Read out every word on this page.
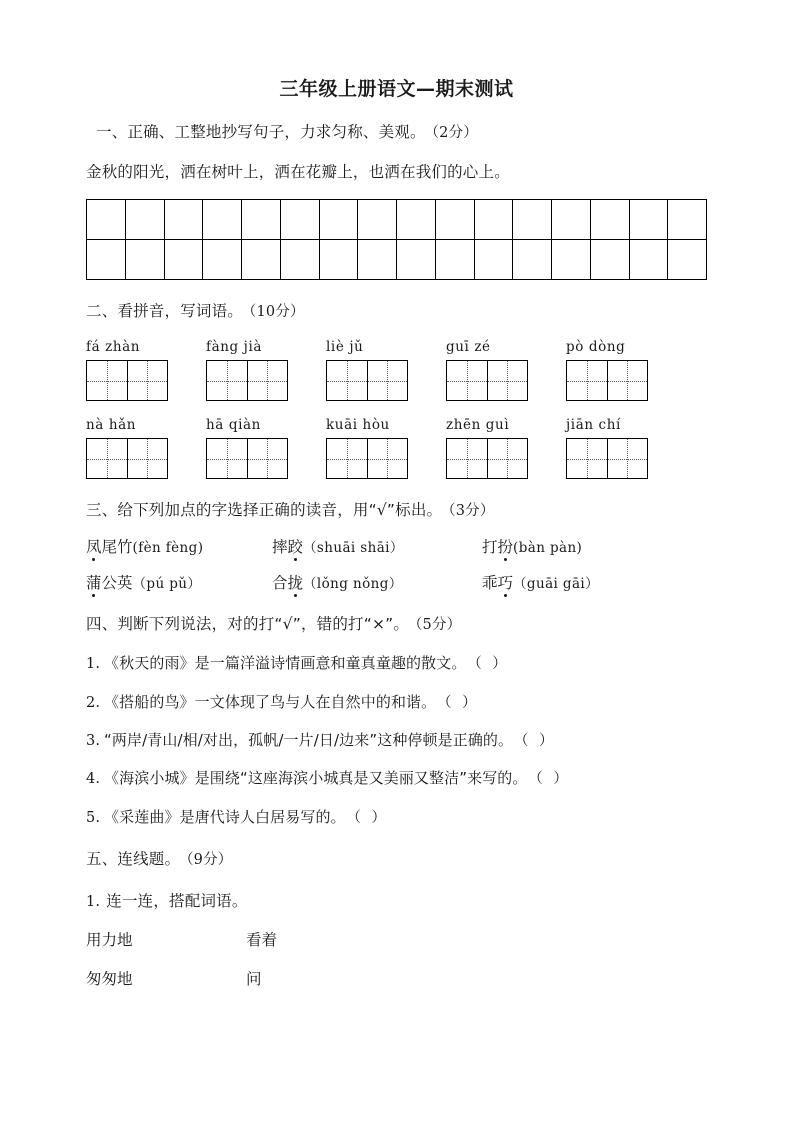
三年级上册语文—期末测试

一、正确、工整地抄写句子，力求匀称、美观。 （2分）

金秋的阳光，洒在树叶上，洒在花瓣上，也洒在我们的心上。

二、看拼音，写词语。 （10分）

fá zhàn	fàng jià	liè jǔ	guī zé	pò dòng
nà hǎn	hā qiàn	kuāi hòu	zhēn guì	jiān chí

三、给下列加点的字选择正确的读音，用“√”标出。 （3分）

凤尾竹(fèn fèng)	摔跤（shuāi shāi）	打扮(bàn pàn)
蒲公英（pú pǔ）	合拢（lǒng nǒng）	乖巧（guāi gāi）

四、判断下列说法，对的打“√”，错的打“×”。 （5分）

1. 《秋天的雨》是一篇洋溢诗情画意和童真童趣的散文。 （ ）

2. 《搭船的鸟》一文体现了鸟与人在自然中的和谐。 （ ）

3. “两岸/青山/相/对出，孤帆/一片/日/边来”这种停顿是正确的。 （ ）

4. 《海滨小城》是围绕“这座海滨小城真是又美丽又整洁”来写的。 （ ）

5. 《采莲曲》是唐代诗人白居易写的。 （ ）

五、连线题。 （9分）

1. 连一连，搭配词语。

用力地	看着
匆匆地	问
